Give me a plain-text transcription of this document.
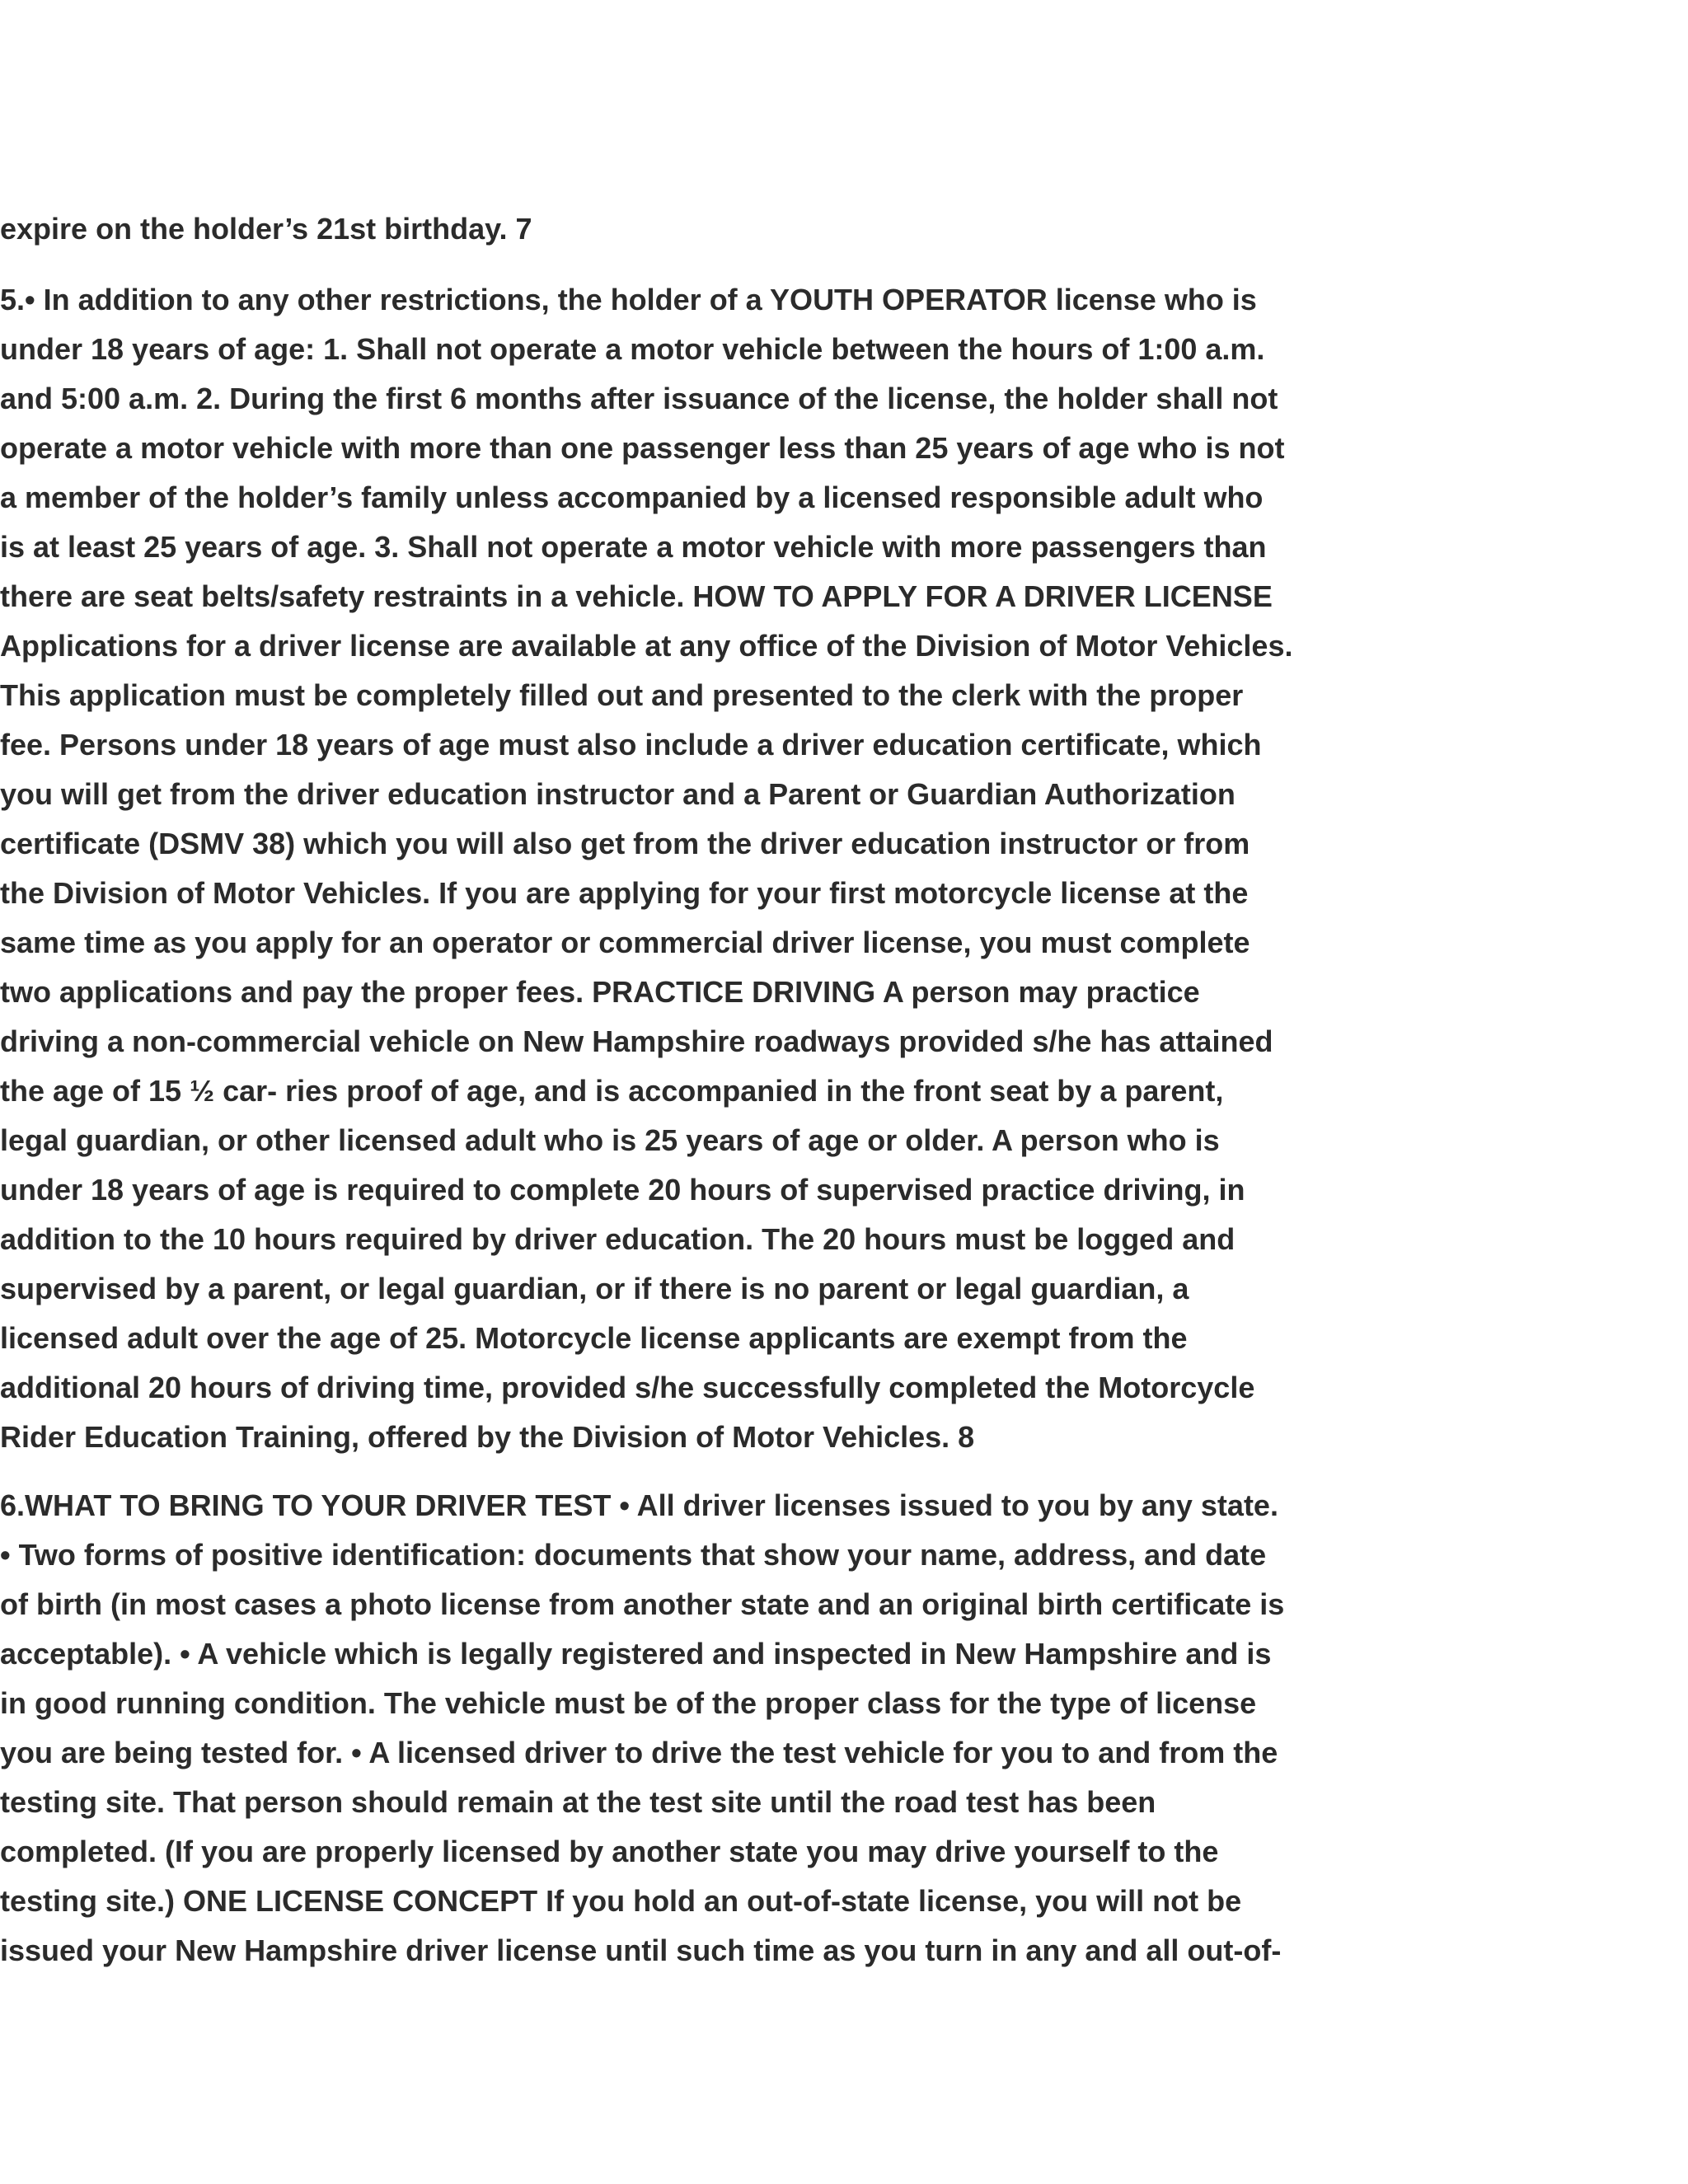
expire on the holder’s 21st birthday. 7
5.• In addition to any other restrictions, the holder of a YOUTH OPERATOR license who is
under 18 years of age: 1. Shall not operate a motor vehicle between the hours of 1:00 a.m.
and 5:00 a.m. 2. During the first 6 months after issuance of the license, the holder shall not
operate a motor vehicle with more than one passenger less than 25 years of age who is not
a member of the holder’s family unless accompanied by a licensed responsible adult who
is at least 25 years of age. 3. Shall not operate a motor vehicle with more passengers than
there are seat belts/safety restraints in a vehicle. HOW TO APPLY FOR A DRIVER LICENSE
Applications for a driver license are available at any office of the Division of Motor Vehicles.
This application must be completely filled out and presented to the clerk with the proper
fee. Persons under 18 years of age must also include a driver education certificate, which
you will get from the driver education instructor and a Parent or Guardian Authorization
certificate (DSMV 38) which you will also get from the driver education instructor or from
the Division of Motor Vehicles. If you are applying for your first motorcycle license at the
same time as you apply for an operator or commercial driver license, you must complete
two applications and pay the proper fees. PRACTICE DRIVING A person may practice
driving a non-commercial vehicle on New Hampshire roadways provided s/he has attained
the age of 15 ½ car- ries proof of age, and is accompanied in the front seat by a parent,
legal guardian, or other licensed adult who is 25 years of age or older. A person who is
under 18 years of age is required to complete 20 hours of supervised practice driving, in
addition to the 10 hours required by driver education. The 20 hours must be logged and
supervised by a parent, or legal guardian, or if there is no parent or legal guardian, a
licensed adult over the age of 25. Motorcycle license applicants are exempt from the
additional 20 hours of driving time, provided s/he successfully completed the Motorcycle
Rider Education Training, offered by the Division of Motor Vehicles. 8
6.WHAT TO BRING TO YOUR DRIVER TEST • All driver licenses issued to you by any state.
• Two forms of positive identification: documents that show your name, address, and date
of birth (in most cases a photo license from another state and an original birth certificate is
acceptable). • A vehicle which is legally registered and inspected in New Hampshire and is
in good running condition. The vehicle must be of the proper class for the type of license
you are being tested for. • A licensed driver to drive the test vehicle for you to and from the
testing site. That person should remain at the test site until the road test has been
completed. (If you are properly licensed by another state you may drive yourself to the
testing site.) ONE LICENSE CONCEPT If you hold an out-of-state license, you will not be
issued your New Hampshire driver license until such time as you turn in any and all out-of-
